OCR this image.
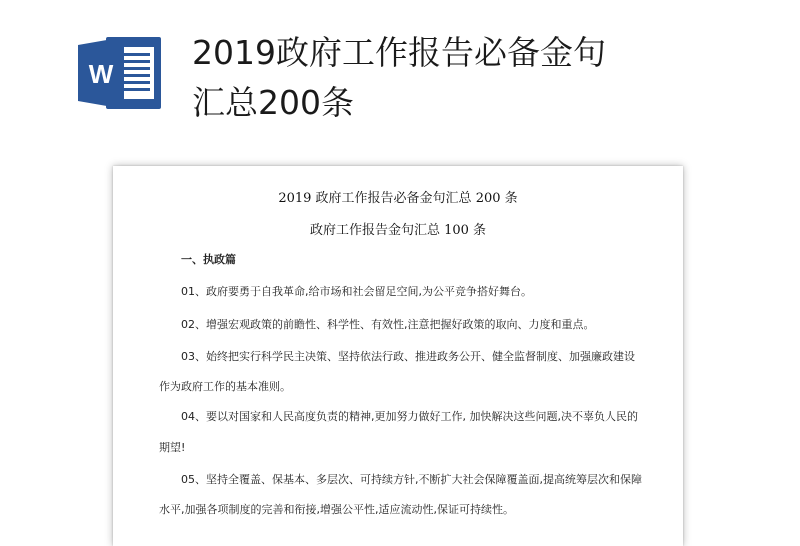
W
2019政府工作报告必备金句
汇总200条
2019 政府工作报告必备金句汇总 200 条
政府工作报告金句汇总 100 条
一、执政篇
01、政府要勇于自我革命,给市场和社会留足空间,为公平竞争搭好舞台。
02、增强宏观政策的前瞻性、科学性、有效性,注意把握好政策的取向、力度和重点。
03、始终把实行科学民主决策、坚持依法行政、推进政务公开、健全监督制度、加强廉政建设
作为政府工作的基本准则。
04、要以对国家和人民高度负责的精神,更加努力做好工作, 加快解决这些问题,决不辜负人民的
期望!
05、坚持全覆盖、保基本、多层次、可持续方针,不断扩大社会保障覆盖面,提高统筹层次和保障
水平,加强各项制度的完善和衔接,增强公平性,适应流动性,保证可持续性。
